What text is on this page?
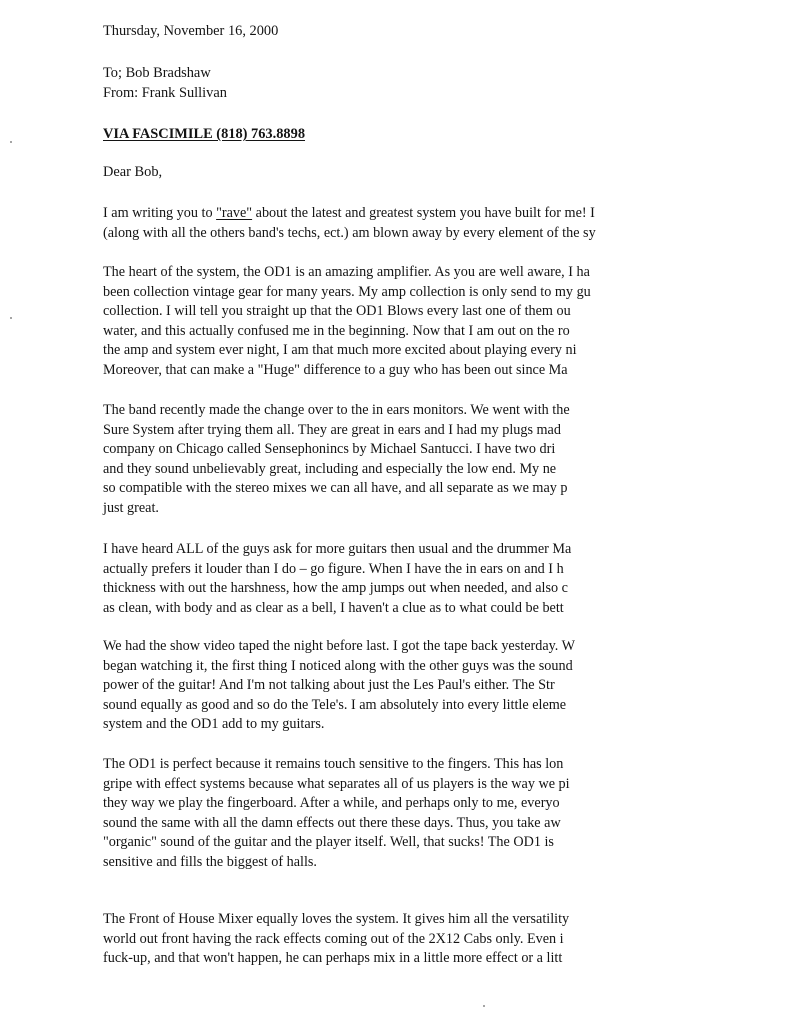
Thursday, November 16, 2000

To; Bob Bradshaw
From: Frank Sullivan

VIA FASCIMILE (818) 763.8898

Dear Bob,

I am writing you to "rave" about the latest and greatest system you have built for me! I
(along with all the others band's techs, ect.) am blown away by every element of the sy

The heart of the system, the OD1 is an amazing amplifier. As you are well aware, I ha
been collection vintage gear for many years. My amp collection is only send to my gu
collection. I will tell you straight up that the OD1 Blows every last one of them ou
water, and this actually confused me in the beginning. Now that I am out on the ro
the amp and system ever night, I am that much more excited about playing every ni
Moreover, that can make a "Huge" difference to a guy who has been out since Ma

The band recently made the change over to the in ears monitors. We went with the
Sure System after trying them all. They are great in ears and I had my plugs mad
company on Chicago called Sensephonincs by Michael Santucci. I have two dri
and they sound unbelievably great, including and especially the low end. My ne
so compatible with the stereo mixes we can all have, and all separate as we may p
just great.

I have heard ALL of the guys ask for more guitars then usual and the drummer Ma
actually prefers it louder than I do – go figure. When I have the in ears on and I h
thickness with out the harshness, how the amp jumps out when needed, and also c
as clean, with body and as clear as a bell, I haven't a clue as to what could be bett

We had the show video taped the night before last. I got the tape back yesterday. W
began watching it, the first thing I noticed along with the other guys was the sound
power of the guitar! And I'm not talking about just the Les Paul's either. The Str
sound equally as good and so do the Tele's. I am absolutely into every little eleme
system and the OD1 add to my guitars.

The OD1 is perfect because it remains touch sensitive to the fingers. This has lon
gripe with effect systems because what separates all of us players is the way we pi
they way we play the fingerboard. After a while, and perhaps only to me, everyo
sound the same with all the damn effects out there these days. Thus, you take aw
"organic" sound of the guitar and the player itself. Well, that sucks! The OD1 is
sensitive and fills the biggest of halls.

The Front of House Mixer equally loves the system. It gives him all the versatility
world out front having the rack effects coming out of the 2X12 Cabs only. Even i
fuck-up, and that won't happen, he can perhaps mix in a little more effect or a litt
